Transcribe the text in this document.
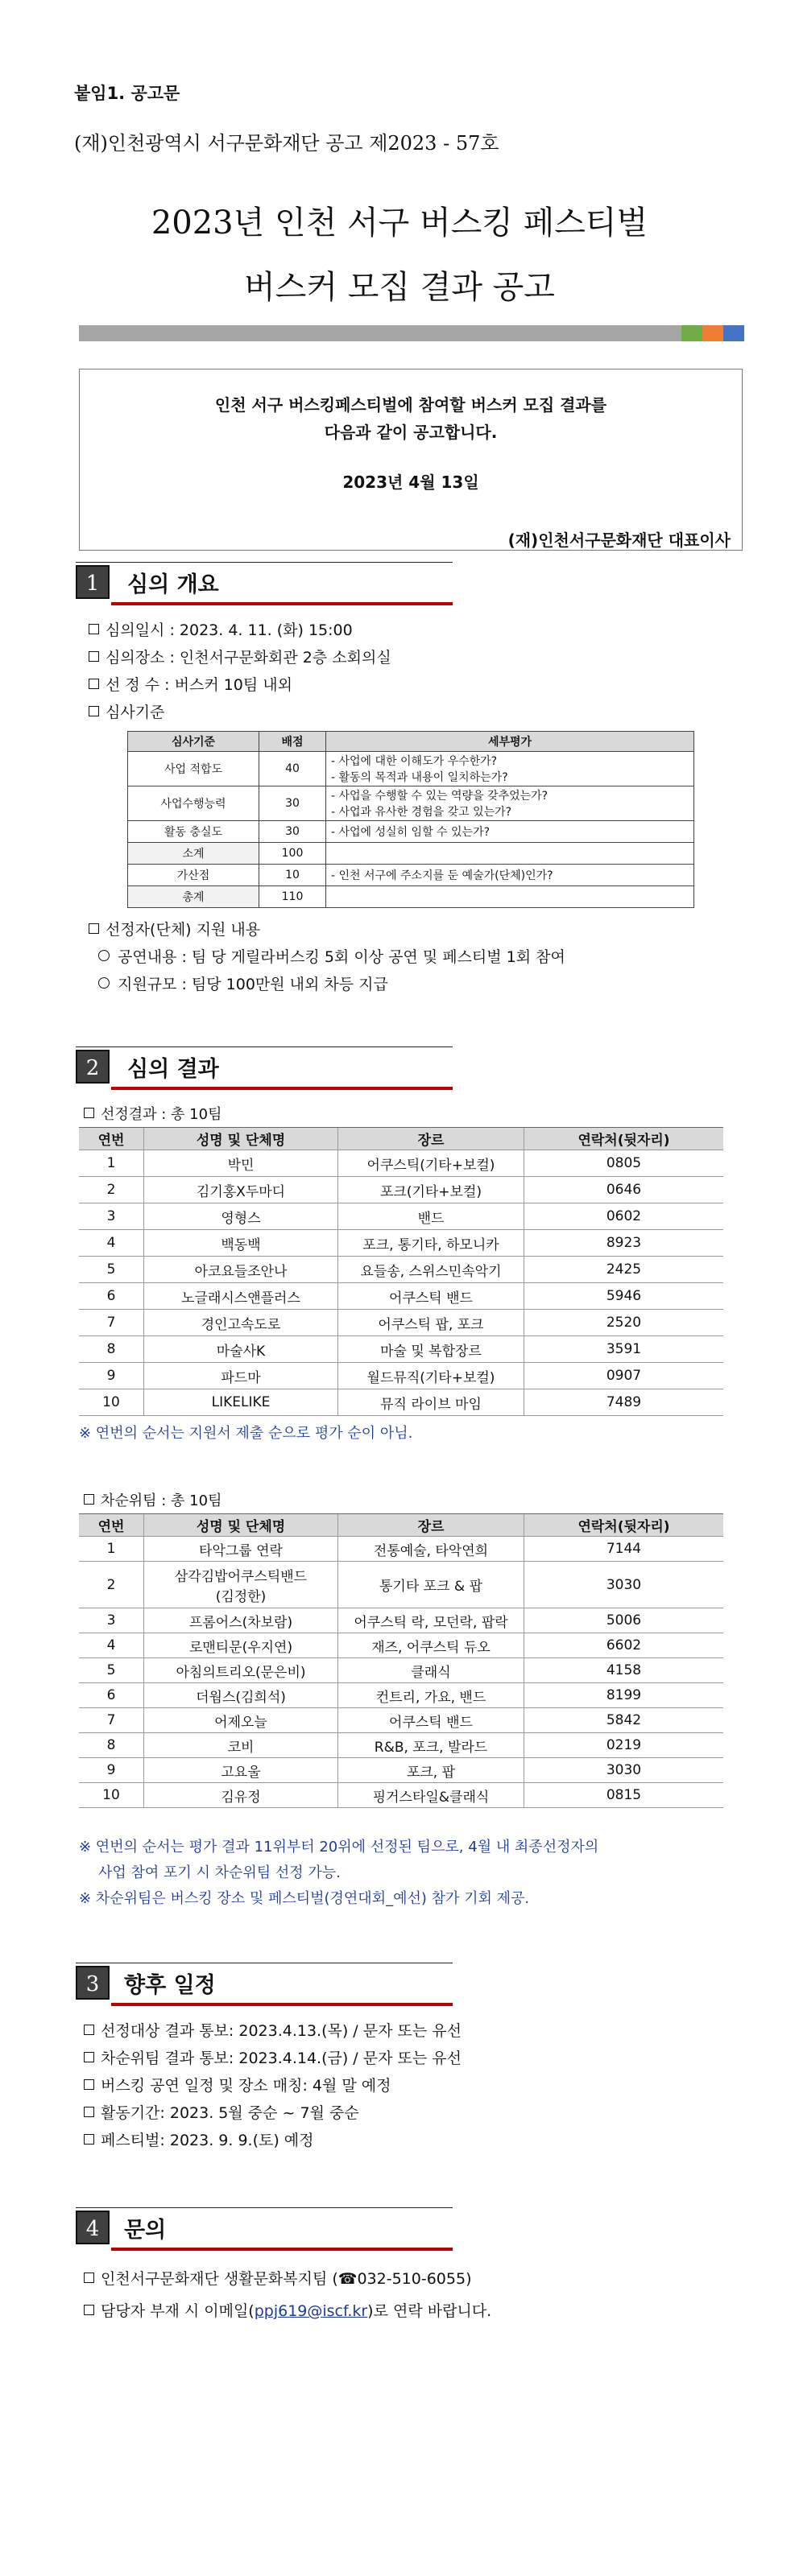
붙임1. 공고문
(재)인천광역시 서구문화재단 공고 제2023 - 57호
2023년 인천 서구 버스킹 페스티벌
버스커 모집 결과 공고
인천 서구 버스킹페스티벌에 참여할 버스커 모집 결과를
다음과 같이 공고합니다.
2023년 4월 13일
(재)인천서구문화재단 대표이사
1	심의 개요
심의일시 : 2023. 4. 11. (화) 15:00
심의장소 : 인천서구문화회관 2층 소회의실
선 정 수 : 버스커 10팀 내외
심사기준
심사기준	배점	세부평가
사업 적합도	40	- 사업에 대한 이해도가 우수한가?
- 활동의 목적과 내용이 일치하는가?

사업수행능력	30	- 사업을 수행할 수 있는 역량을 갖추었는가?
- 사업과 유사한 경험을 갖고 있는가?

활동 충실도	30	- 사업에 성실히 임할 수 있는가?
소계	100	
가산점	10	- 인천 서구에 주소지를 둔 예술가(단체)인가?
총계	110	
선정자(단체) 지원 내용
공연내용 : 팀 당 게릴라버스킹 5회 이상 공연 및 페스티벌 1회 참여
지원규모 : 팀당 100만원 내외 차등 지급
2	심의 결과
선정결과 : 총 10팀
연번	성명 및 단체명	장르	연락처(뒷자리)
1	박민	어쿠스틱(기타+보컬)	0805
2	김기홍X두마디	포크(기타+보컬)	0646
3	영형스	밴드	0602
4	백동백	포크, 통기타, 하모니카	8923
5	아코요들조안나	요들송, 스위스민속악기	2425
6	노글래시스앤플러스	어쿠스틱 밴드	5946
7	경인고속도로	어쿠스틱 팝, 포크	2520
8	마술사K	마술 및 복합장르	3591
9	파드마	월드뮤직(기타+보컬)	0907
10	LIKELIKE	뮤직 라이브 마임	7489
※ 연번의 순서는 지원서 제출 순으로 평가 순이 아님.
차순위팀 : 총 10팀
연번	성명 및 단체명	장르	연락처(뒷자리)
1	타악그룹 연락	전통예술, 타악연희	7144
2	삼각김밥어쿠스틱밴드
(김정한)	통기타 포크 & 팝	3030
3	프롬어스(차보람)	어쿠스틱 락, 모던락, 팝락	5006
4	로맨티문(우지연)	재즈, 어쿠스틱 듀오	6602
5	아침의트리오(문은비)	클래식	4158
6	더웜스(김희석)	컨트리, 가요, 밴드	8199
7	어제오늘	어쿠스틱 밴드	5842
8	코비	R&B, 포크, 발라드	0219
9	고요울	포크, 팝	3030
10	김유정	핑거스타일&클래식	0815
※ 연번의 순서는 평가 결과 11위부터 20위에 선정된 팀으로, 4월 내 최종선정자의
사업 참여 포기 시 차순위팀 선정 가능.
※ 차순위팀은 버스킹 장소 및 페스티벌(경연대회_예선) 참가 기회 제공.
3	향후 일정
선정대상 결과 통보: 2023.4.13.(목) / 문자 또는 유선
차순위팀 결과 통보: 2023.4.14.(금) / 문자 또는 유선
버스킹 공연 일정 및 장소 매칭: 4월 말 예정
활동기간: 2023. 5월 중순 ~ 7월 중순
페스티벌: 2023. 9. 9.(토) 예정
4	문의
인천서구문화재단 생활문화복지팀 (☎032-510-6055)
담당자 부재 시 이메일(ppj619@iscf.kr)로 연락 바랍니다.
